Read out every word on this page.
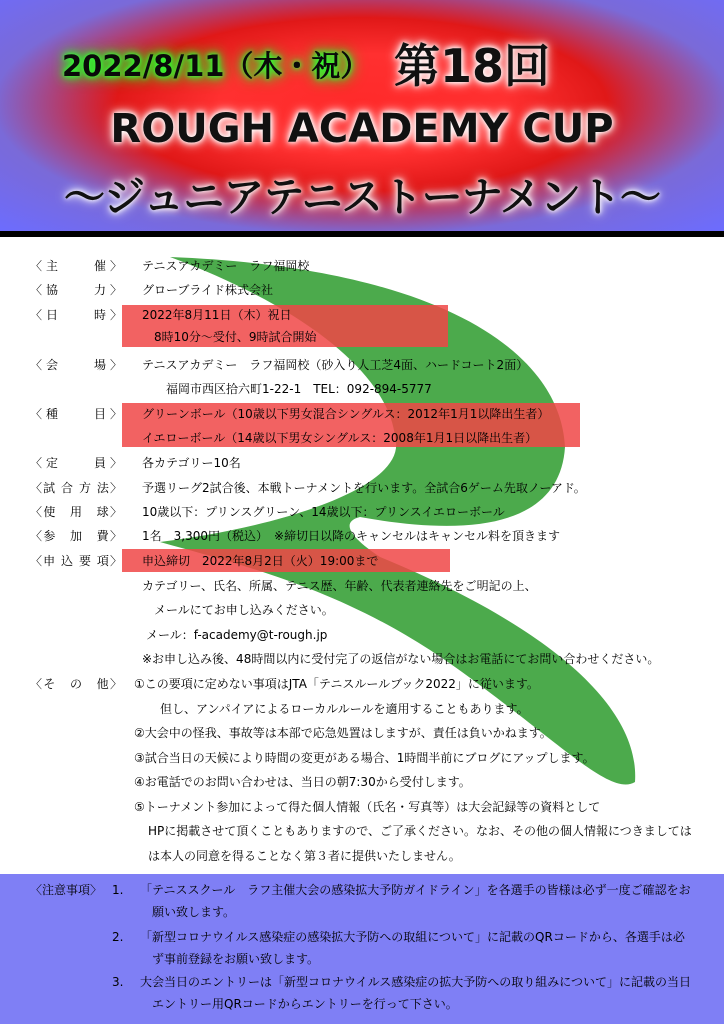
2022/8/11（木・祝） 第18回
ROUGH ACADEMY CUP
～ジュニアテニストーナメント～
〈主　　催〉 テニスアカデミー　ラフ福岡校
〈協　　力〉 グローブライド株式会社
〈日　　時〉 2022年8月11日（木）祝日
8時10分～受付、9時試合開始
〈会　　場〉 テニスアカデミー　ラフ福岡校（砂入り人工芝4面、ハードコート2面）
福岡市西区拾六町1-22-1　TEL：092-894-5777
〈種　　目〉 グリーンボール（10歳以下男女混合シングルス：2012年1月1以降出生者）
イエローボール（14歳以下男女シングルス：2008年1月1日以降出生者）
〈定　　員〉 各カテゴリー10名
〈試 合 方 法〉 予選リーグ2試合後、本戦トーナメントを行います。全試合6ゲーム先取ノーアド。
〈使　用　球〉 10歳以下：プリンスグリーン、14歳以下：プリンスイエローボール
〈参　加　費〉 1名　3,300円（税込）　※締切日以降のキャンセルはキャンセル料を頂きます
〈申 込 要 項〉 申込締切　2022年8月2日（火）19:00まで
カテゴリー、氏名、所属、テニス歴、年齢、代表者連絡先をご明記の上、
メールにてお申し込みください。
メール：f-academy@t-rough.jp
※お申し込み後、48時間以内に受付完了の返信がない場合はお電話にてお問い合わせください。
〈そ　の　他〉 ①この要項に定めない事項はJTA「テニスルールブック2022」に従います。
但し、アンパイアによるローカルルールを適用することもあります。
②大会中の怪我、事故等は本部で応急処置はしますが、責任は負いかねます。
③試合当日の天候により時間の変更がある場合、1時間半前にブログにアップします。
④お電話でのお問い合わせは、当日の朝7:30から受付します。
⑤トーナメント参加によって得た個人情報（氏名・写真等）は大会記録等の資料として
HPに掲載させて頂くこともありますので、ご了承ください。なお、その他の個人情報につきましては
は本人の同意を得ることなく第３者に提供いたしません。
〈注意事項〉 1. 「テニススクール　ラフ主催大会の感染拡大予防ガイドライン」を各選手の皆様は必ず一度ご確認をお
願い致します。
2. 「新型コロナウイルス感染症の感染拡大予防への取組について」に記載のQRコードから、各選手は必
ず事前登録をお願い致します。
3. 大会当日のエントリーは「新型コロナウイルス感染症の拡大予防への取り組みについて」に記載の当日
エントリー用QRコードからエントリーを行って下さい。
